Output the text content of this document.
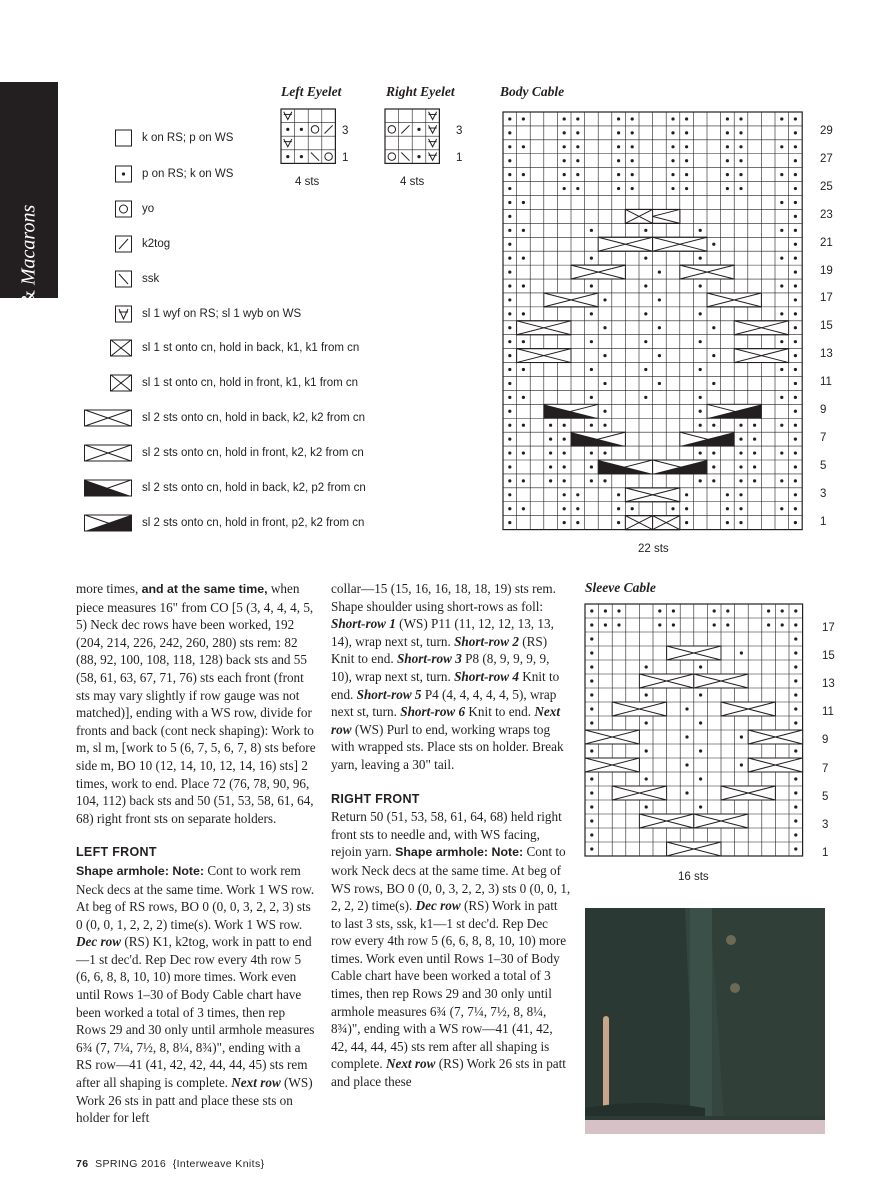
Tea & Macarons
k on RS; p on WS
p on RS; k on WS
yo
k2tog
ssk
sl 1 wyf on RS; sl 1 wyb on WS
sl 1 st onto cn, hold in back, k1, k1 from cn
sl 1 st onto cn, hold in front, k1, k1 from cn
sl 2 sts onto cn, hold in back, k2, k2 from cn
sl 2 sts onto cn, hold in front, k2, k2 from cn
sl 2 sts onto cn, hold in back, k2, p2 from cn
sl 2 sts onto cn, hold in front, p2, k2 from cn
Left Eyelet	Right Eyelet	Body Cable
Sleeve Cable
4 sts	4 sts
22 sts
16 sts
3
1
3
1
29
27
25
23
21
19
17
15
13
11
9
7
5
3
1
17
15
13
11
9
7
5
3
1

more times, and at the same time, when piece measures 16" from CO [5 (3, 4, 4, 4, 5, 5) Neck dec rows have been worked, 192 (204, 214, 226, 242, 260, 280) sts rem: 82 (88, 92, 100, 108, 118, 128) back sts and 55 (58, 61, 63, 67, 71, 76) sts each front (front sts may vary slightly if row gauge was not matched)], ending with a WS row, divide for fronts and back (cont neck shaping): Work to m, sl m, [work to 5 (6, 7, 5, 6, 7, 8) sts before side m, BO 10 (12, 14, 10, 12, 14, 16) sts] 2 times, work to end. Place 72 (76, 78, 90, 96, 104, 112) back sts and 50 (51, 53, 58, 61, 64, 68) right front sts on separate holders.

LEFT FRONT

Shape armhole: Note: Cont to work rem Neck decs at the same time. Work 1 WS row. At beg of RS rows, BO 0 (0, 0, 3, 2, 2, 3) sts 0 (0, 0, 1, 2, 2, 2) time(s). Work 1 WS row. Dec row (RS) K1, k2tog, work in patt to end—1 st dec'd. Rep Dec row every 4th row 5 (6, 6, 8, 8, 10, 10) more times. Work even until Rows 1–30 of Body Cable chart have been worked a total of 3 times, then rep Rows 29 and 30 only until armhole measures 6¾ (7, 7¼, 7½, 8, 8¼, 8¾)", ending with a RS row—41 (41, 42, 42, 44, 44, 45) sts rem after all shaping is complete. Next row (WS) Work 26 sts in patt and place these sts on holder for left

collar—15 (15, 16, 16, 18, 18, 19) sts rem. Shape shoulder using short-rows as foll: Short-row 1 (WS) P11 (11, 12, 12, 13, 13, 14), wrap next st, turn. Short-row 2 (RS) Knit to end. Short-row 3 P8 (8, 9, 9, 9, 9, 10), wrap next st, turn. Short-row 4 Knit to end. Short-row 5 P4 (4, 4, 4, 4, 4, 5), wrap next st, turn. Short-row 6 Knit to end. Next row (WS) Purl to end, working wraps tog with wrapped sts. Place sts on holder. Break yarn, leaving a 30" tail.

RIGHT FRONT

Return 50 (51, 53, 58, 61, 64, 68) held right front sts to needle and, with WS facing, rejoin yarn. Shape armhole: Note: Cont to work Neck decs at the same time. At beg of WS rows, BO 0 (0, 0, 3, 2, 2, 3) sts 0 (0, 0, 1, 2, 2, 2) time(s). Dec row (RS) Work in patt to last 3 sts, ssk, k1—1 st dec'd. Rep Dec row every 4th row 5 (6, 6, 8, 8, 10, 10) more times. Work even until Rows 1–30 of Body Cable chart have been worked a total of 3 times, then rep Rows 29 and 30 only until armhole measures 6¾ (7, 7¼, 7½, 8, 8¼, 8¾)", ending with a WS row—41 (41, 42, 42, 44, 44, 45) sts rem after all shaping is complete. Next row (RS) Work 26 sts in patt and place these

76 SPRING 2016 {Interweave Knits}
